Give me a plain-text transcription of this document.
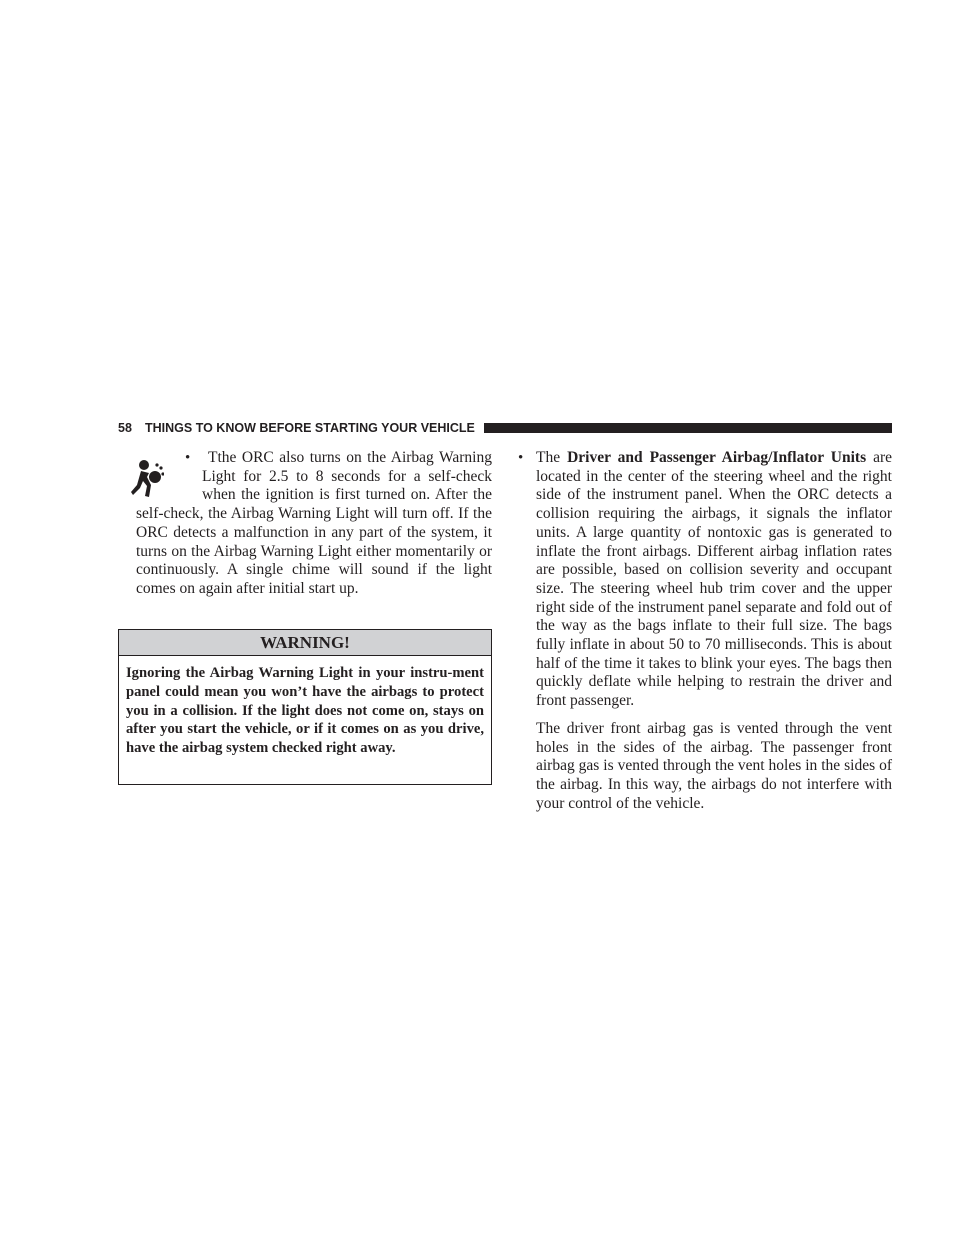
58 THINGS TO KNOW BEFORE STARTING YOUR VEHICLE
•	Tthe ORC also turns on the Airbag Warning Light for 2.5 to 8 seconds for a self-check when the ignition is first turned on. After the self-check, the Airbag Warning Light will turn off. If the ORC detects a malfunction in any part of the system, it turns on the Airbag Warning Light either momentarily or continuously. A single chime will sound if the light comes on again after initial start up.

WARNING!
Ignoring the Airbag Warning Light in your instru-ment panel could mean you won’t have the airbags to protect you in a collision. If the light does not come on, stays on after you start the vehicle, or if it comes on as you drive, have the airbag system checked right away.
• The Driver and Passenger Airbag/Inflator Units are located in the center of the steering wheel and the right side of the instrument panel. When the ORC detects a collision requiring the airbags, it signals the inflator units. A large quantity of nontoxic gas is generated to inflate the front airbags. Different airbag inflation rates are possible, based on collision severity and occupant size. The steering wheel hub trim cover and the upper right side of the instrument panel separate and fold out of the way as the bags inflate to their full size. The bags fully inflate in about 50 to 70 milliseconds. This is about half of the time it takes to blink your eyes. The bags then quickly deflate while helping to restrain the driver and front passenger.

The driver front airbag gas is vented through the vent holes in the sides of the airbag. The passenger front airbag gas is vented through the vent holes in the sides of the airbag. In this way, the airbags do not interfere with your control of the vehicle.
